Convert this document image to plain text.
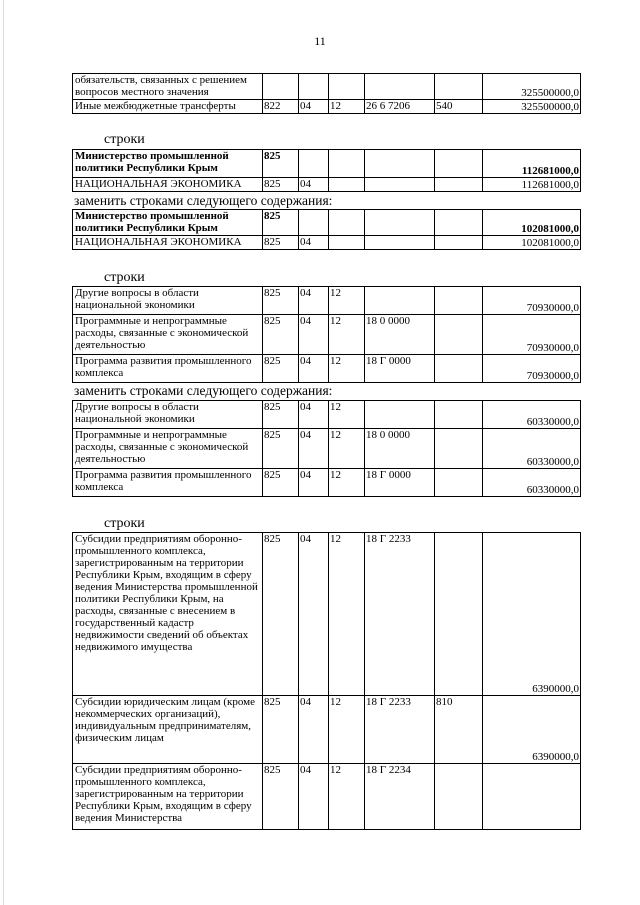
11
обязательств, связанных с решением вопросов местного значения						325500000,0
Иные межбюджетные трансферты	822	04	12	26 6 7206	540	325500000,0
строки
Министерство промышленной политики Республики Крым	825					112681000,0
НАЦИОНАЛЬНАЯ ЭКОНОМИКА	825	04				112681000,0
заменить строками следующего содержания:
Министерство промышленной политики Республики Крым	825					102081000,0
НАЦИОНАЛЬНАЯ ЭКОНОМИКА	825	04				102081000,0
строки
Другие вопросы в области национальной экономики	825	04	12			70930000,0
Программные и непрограммные расходы, связанные с экономической деятельностью	825	04	12	18 0 0000		70930000,0
Программа развития промышленного комплекса	825	04	12	18 Г 0000		70930000,0
заменить строками следующего содержания:
Другие вопросы в области национальной экономики	825	04	12			60330000,0
Программные и непрограммные расходы, связанные с экономической деятельностью	825	04	12	18 0 0000		60330000,0
Программа развития промышленного комплекса	825	04	12	18 Г 0000		60330000,0
строки
Субсидии предприятиям оборонно-промышленного комплекса, зарегистрированным на территории Республики Крым, входящим в сферу ведения Министерства промышленной политики Республики Крым, на расходы, связанные с внесением в государственный кадастр недвижимости сведений об объектах недвижимого имущества	825	04	12	18 Г 2233		6390000,0
Субсидии юридическим лицам (кроме некоммерческих организаций), индивидуальным предпринимателям, физическим лицам	825	04	12	18 Г 2233	810	6390000,0
Субсидии предприятиям оборонно-промышленного комплекса, зарегистрированным на территории Республики Крым, входящим в сферу ведения Министерства	825	04	12	18 Г 2234		
